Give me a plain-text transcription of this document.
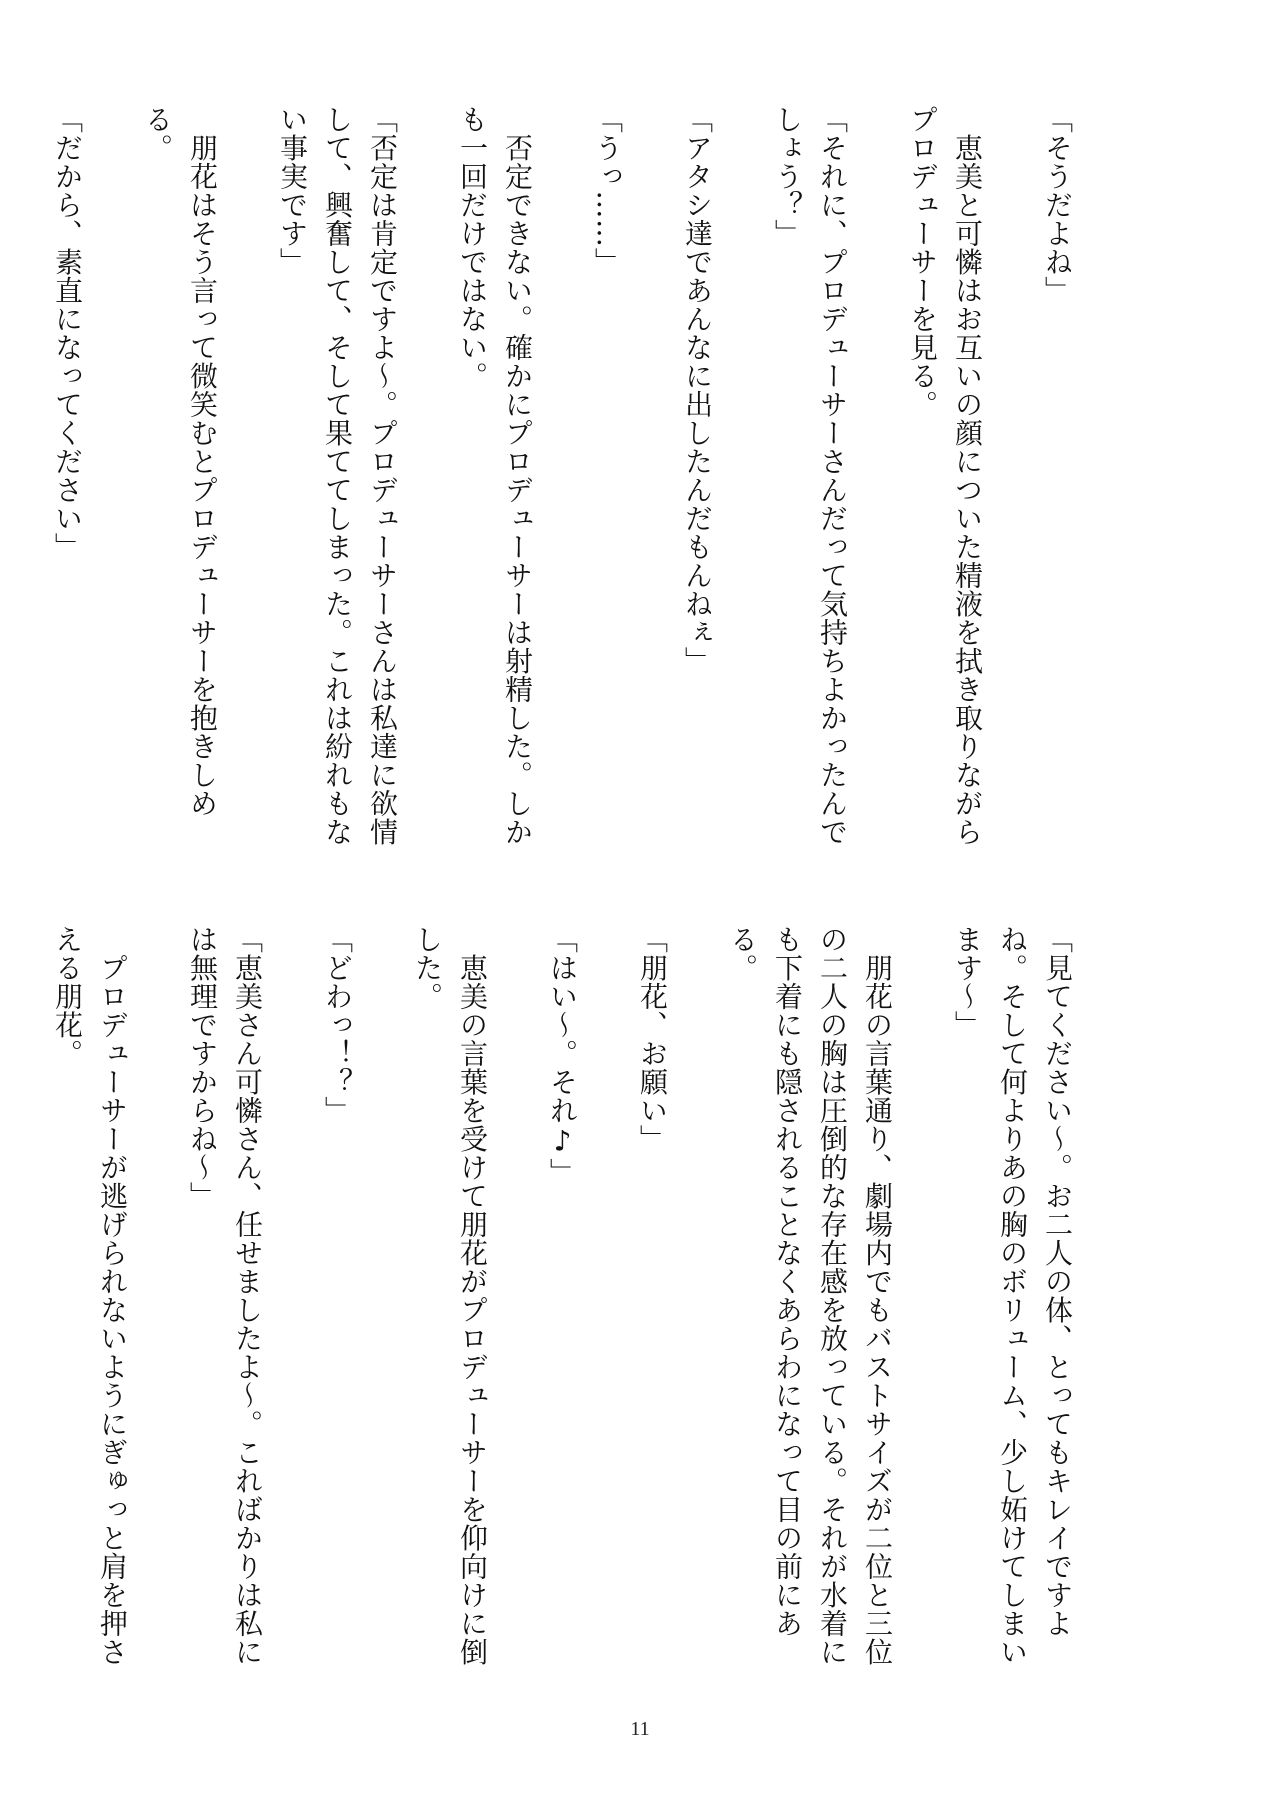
「そうだよね」

　恵美と可憐はお互いの顔についた精液を拭き取りながらプロデューサーを見る。

「それに、プロデューサーさんだって気持ちよかったんでしょう？」

「アタシ達であんなに出したんだもんねぇ」

「うっ……」

　否定できない。確かにプロデューサーは射精した。しかも一回だけではない。

「否定は肯定ですよ～。プロデューサーさんは私達に欲情して、興奮して、そして果ててしまった。これは紛れもない事実です」

　朋花はそう言って微笑むとプロデューサーを抱きしめる。

「だから、素直になってください」

「見てください～。お二人の体、とってもキレイですよね。そして何よりあの胸のボリューム、少し妬けてしまいます～」

　朋花の言葉通り、劇場内でもバストサイズが二位と三位の二人の胸は圧倒的な存在感を放っている。それが水着にも下着にも隠されることなくあらわになって目の前にある。

「朋花、お願い」

「はい～。それ♪」

　恵美の言葉を受けて朋花がプロデューサーを仰向けに倒した。

「どわっ！？」

「恵美さん可憐さん、任せましたよ～。こればかりは私には無理ですからね～」

　プロデューサーが逃げられないようにぎゅっと肩を押さえる朋花。

11
